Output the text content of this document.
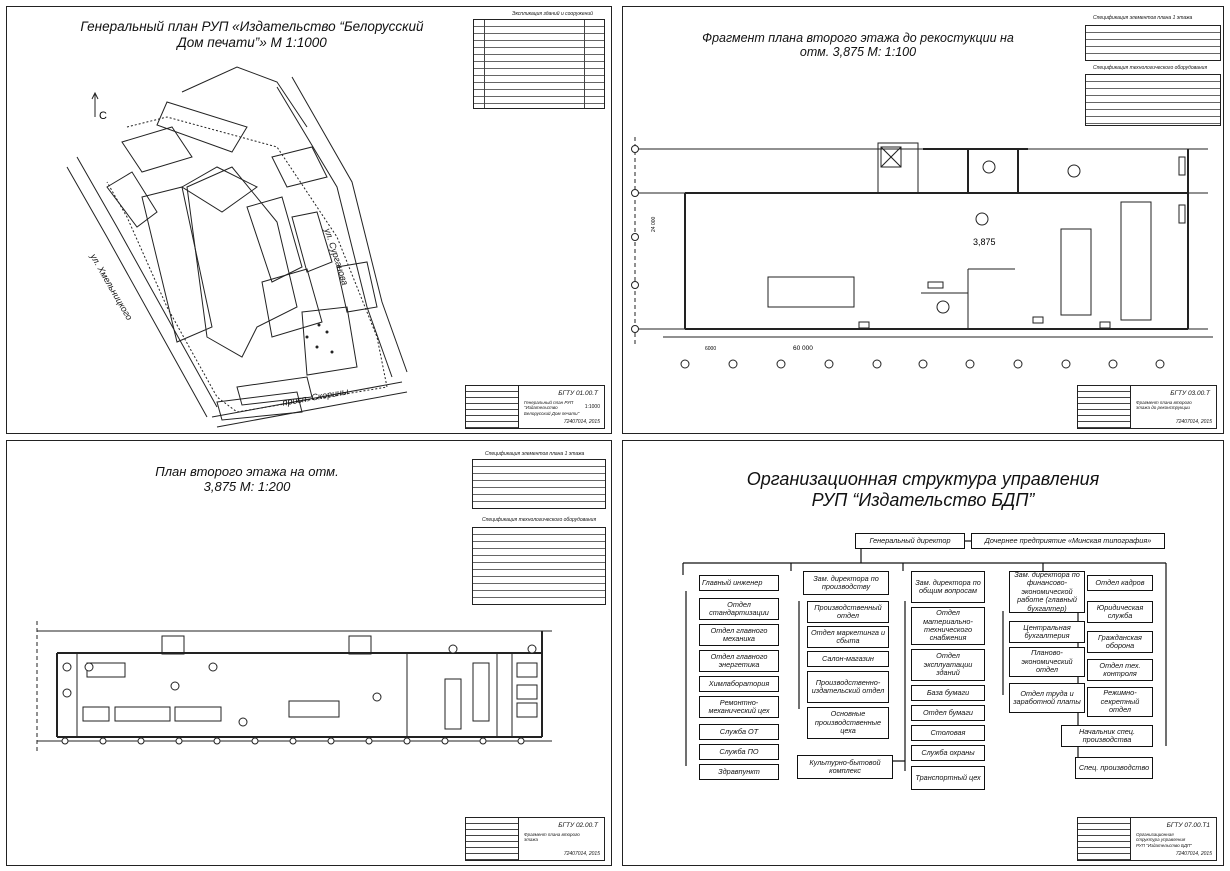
Генеральный план РУП «Издательство “Белорусский Дом печати”» М 1:1000
Экспликация зданий и сооружений
С
ул. Хмельницкого	ул. Сурганова
просп. Скорины	БГТУ 01.00.Т
Генеральный план РУП "Издательство Белорусский Дом печати"
1:1000
72407014, 2015
Фрагмент плана второго этажа до рекостукции на отм. 3,875 М: 1:100
Спецификация элементов плана 1 этажа
Спецификация технологического оборудования
3,875
60 000
6000
24 000
БГТУ 03.00.Т
Фрагмент плана второго этажа до реконструкции
72407014, 2015
План второго этажа на отм. 3,875 М: 1:200
Спецификация элементов плана 1 этажа
Спецификация технологического оборудования
БГТУ 02.00.Т
Фрагмент плана второго этажа
72407014, 2015
Организационная структура управления РУП “Издательство БДП”
Генеральный директор	Дочернее предприятие «Минская типография»
Главный инженер
Отдел стандартизации
Отдел главного механика
Отдел главного энергетика
Химлаборатория
Ремонтно-механический цех
Служба ОТ
Служба ПО
Здравпункт
Зам. директора по производству
Производственный отдел
Отдел маркетинга и сбыта
Салон-магазин
Производственно-издательский отдел
Основные производственные цеха
Культурно-бытовой комплекс
Зам. директора по общим вопросам
Отдел материально-технического снабжения
Отдел эксплуатации зданий
База бумаги
Отдел бумаги
Столовая
Служба охраны
Транспортный цех
Зам. директора по финансово-экономической работе (главный бухгалтер)
Центральная бухгалтерия
Планово-экономический отдел
Отдел труда и заработной платы
Отдел кадров
Юридическая служба
Гражданская оборона
Отдел тех. контроля
Режимно-секретный отдел
Начальник спец. производства
Спец. производство
БГТУ 07.00.Т1
Организационная структура управления РУП "Издательство БДП"
72407014, 2015
